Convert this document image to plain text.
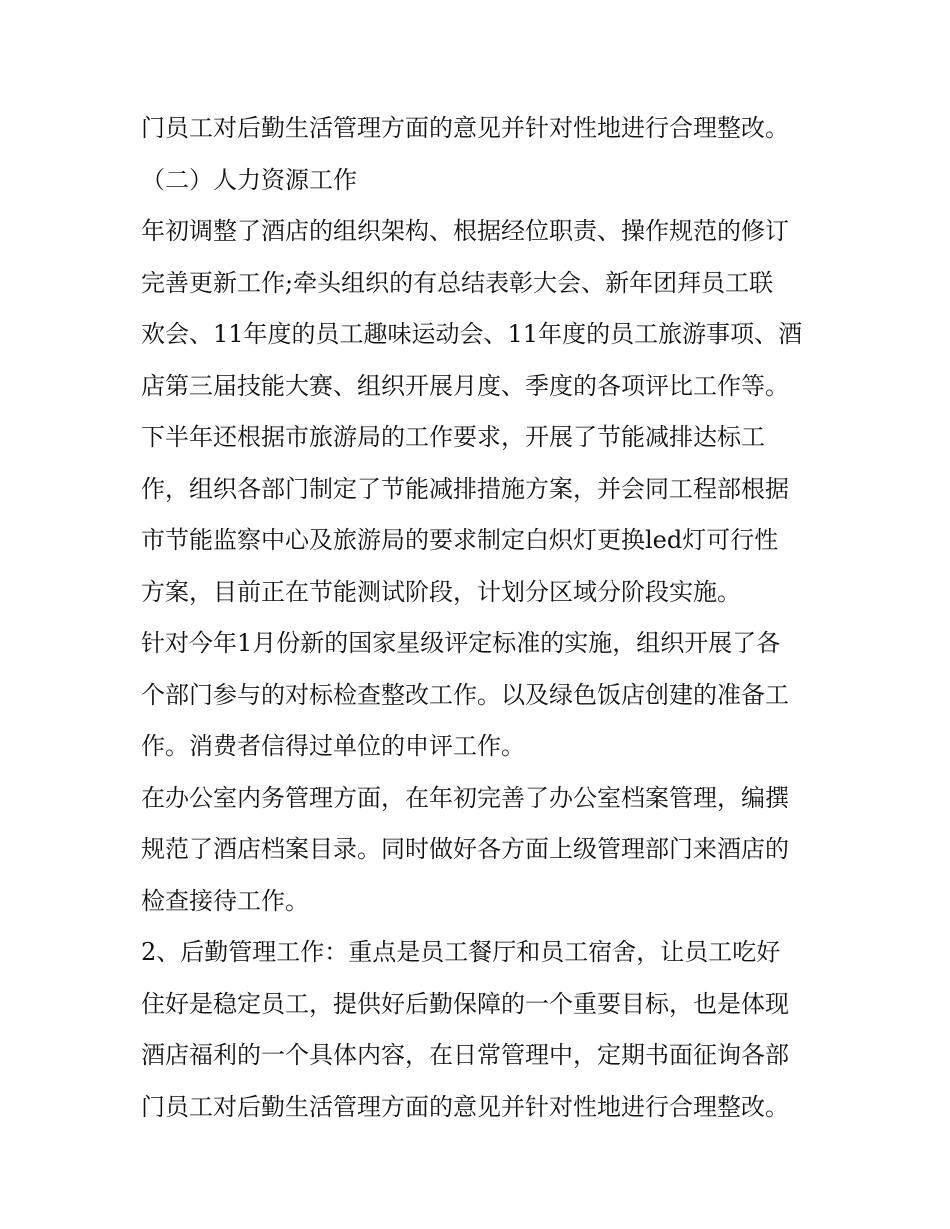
门员工对后勤生活管理方面的意见并针对性地进行合理整改。
（二）人力资源工作
年初调整了酒店的组织架构、根据经位职责、操作规范的修订
完善更新工作;牵头组织的有总结表彰大会、新年团拜员工联
欢会、11年度的员工趣味运动会、11年度的员工旅游事项、酒
店第三届技能大赛、组织开展月度、季度的各项评比工作等。
下半年还根据市旅游局的工作要求，开展了节能减排达标工
作，组织各部门制定了节能减排措施方案，并会同工程部根据
市节能监察中心及旅游局的要求制定白炽灯更换led灯可行性
方案，目前正在节能测试阶段，计划分区域分阶段实施。
针对今年1月份新的国家星级评定标准的实施，组织开展了各
个部门参与的对标检查整改工作。以及绿色饭店创建的准备工
作。消费者信得过单位的申评工作。
在办公室内务管理方面，在年初完善了办公室档案管理，编撰
规范了酒店档案目录。同时做好各方面上级管理部门来酒店的
检查接待工作。
2、后勤管理工作：重点是员工餐厅和员工宿舍，让员工吃好
住好是稳定员工，提供好后勤保障的一个重要目标，也是体现
酒店福利的一个具体内容，在日常管理中，定期书面征询各部
门员工对后勤生活管理方面的意见并针对性地进行合理整改。
